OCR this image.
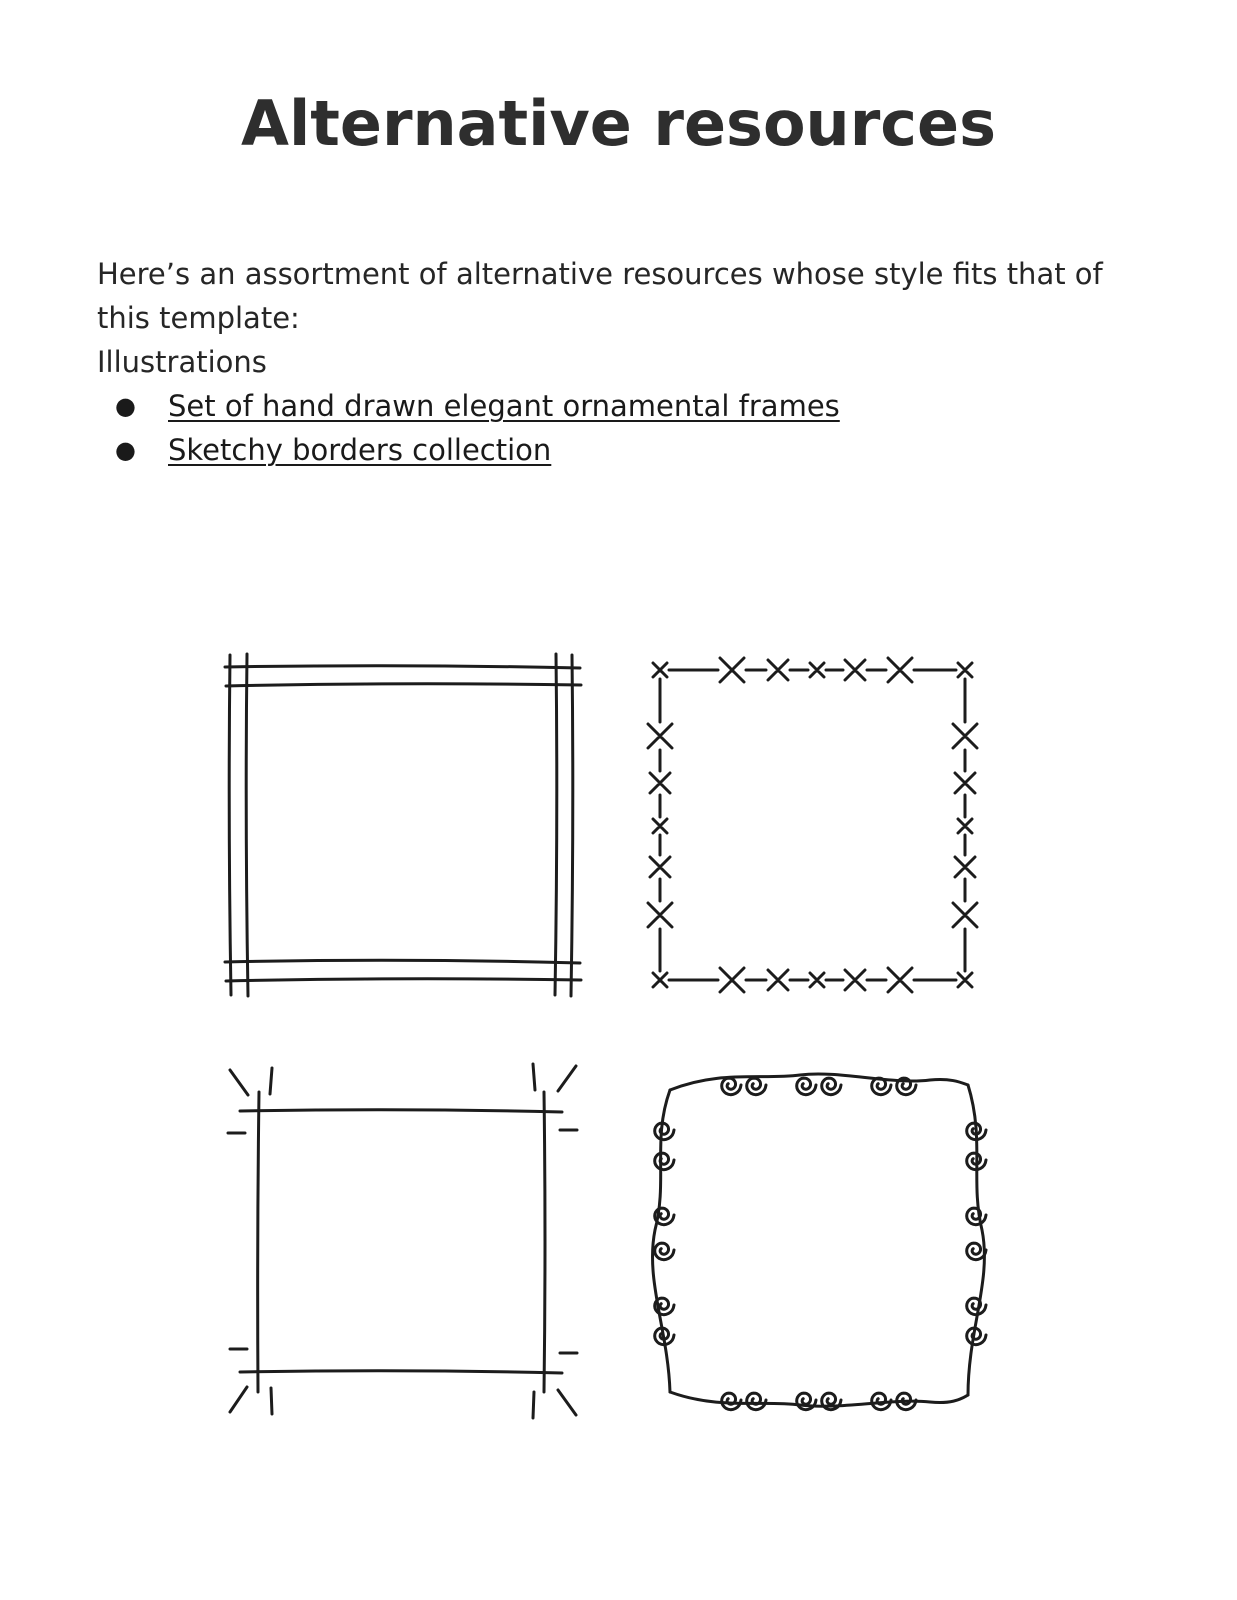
Alternative resources

Here’s an assortment of alternative resources whose style fits that of this template:

Illustrations

● Set of hand drawn elegant ornamental frames
● Sketchy borders collection
